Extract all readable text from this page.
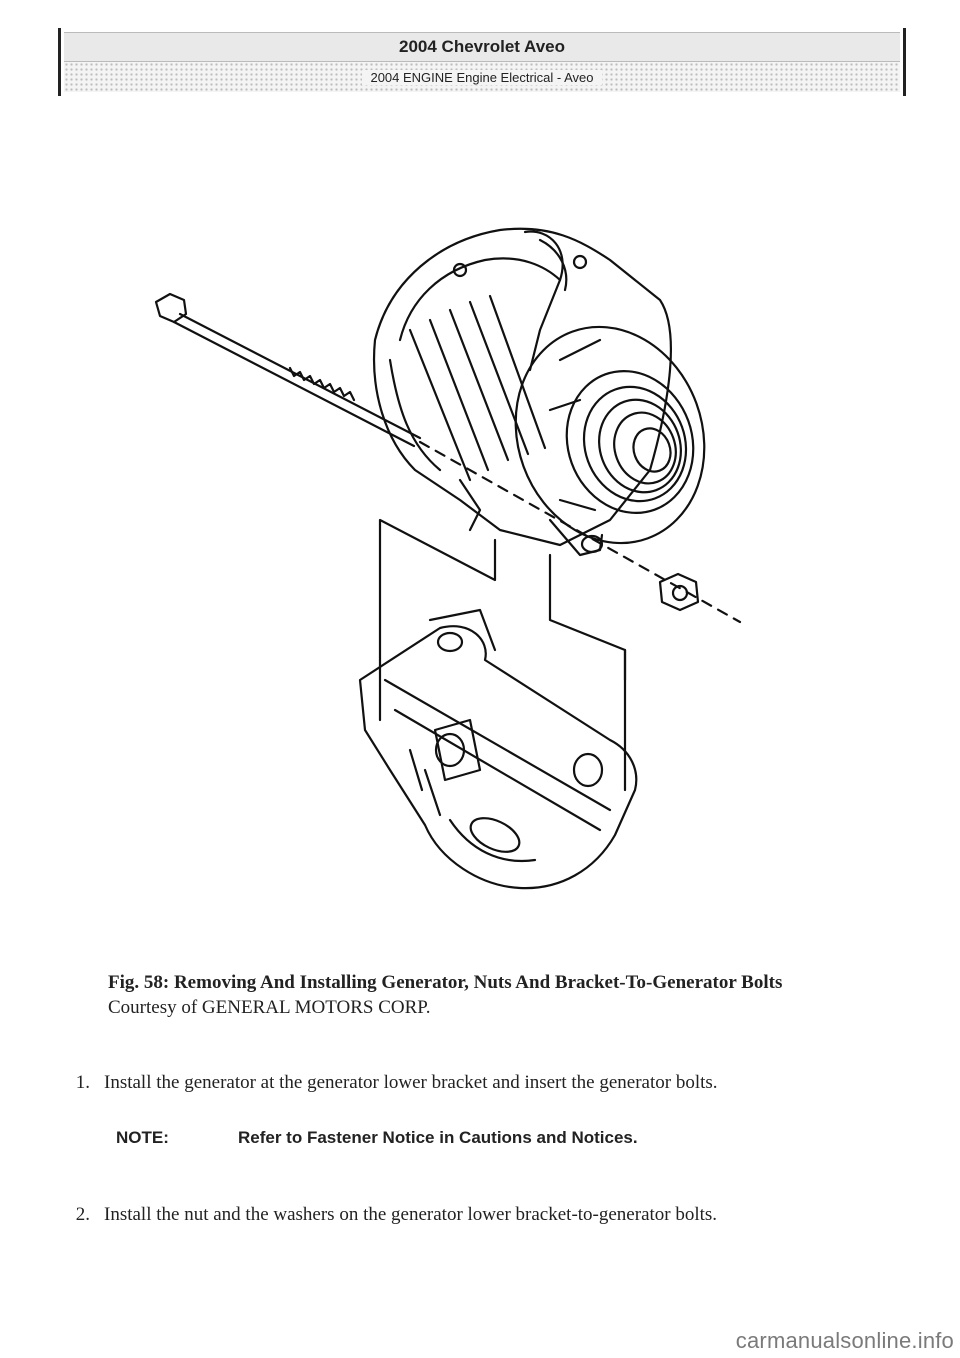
2004 Chevrolet Aveo
2004 ENGINE Engine Electrical - Aveo
Fig. 58: Removing And Installing Generator, Nuts And Bracket-To-Generator Bolts
Courtesy of GENERAL MOTORS CORP.
1. Install the generator at the generator lower bracket and insert the generator bolts.
NOTE:	Refer to Fastener Notice in Cautions and Notices.
2. Install the nut and the washers on the generator lower bracket-to-generator bolts.
carmanualsonline.info
